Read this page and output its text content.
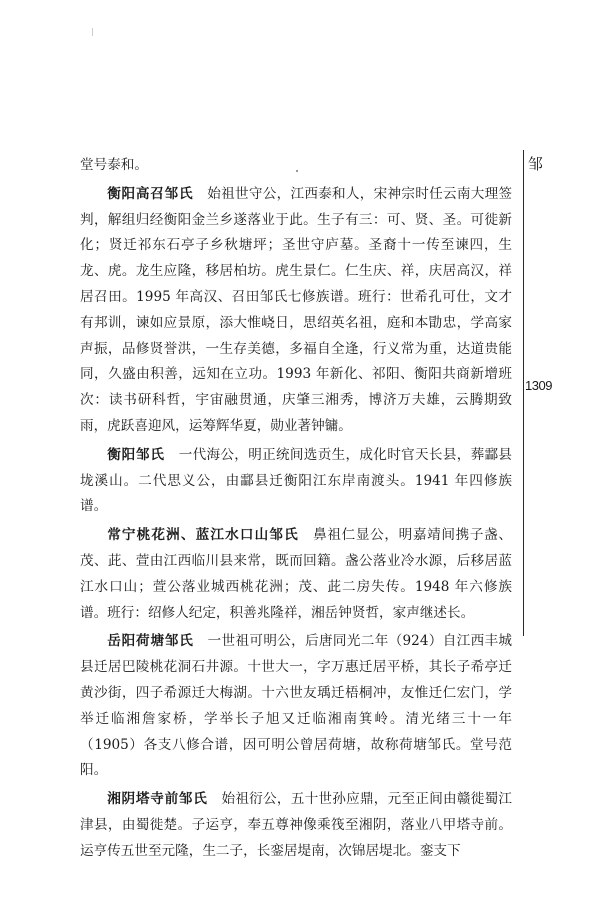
堂号泰和。

衡阳高召邹氏　 始祖世守公，江西泰和人，宋神宗时任云南大理签判，解组归经衡阳金兰乡遂落业于此。生子有三：可、贤、圣。可徙新化；贤迁祁东石亭子乡秋塘坪；圣世守庐墓。圣裔十一传至谏四，生龙、虎。龙生应隆，移居柏坊。虎生景仁。仁生庆、祥，庆居高汉，祥居召田。1995 年高汉、召田邹氏七修族谱。班行：世希孔可仕，文才有邦训，谏如应景原，添大惟峣日，思绍英名祖，庭和本勖忠，学高家声振，品修贤誉洪，一生存美德，多福自全逢，行义常为重，达道贵能同，久盛由积善，远知在立功。1993 年新化、祁阳、衡阳共商新增班次：读书研科哲，宇宙融贯通，庆肇三湘秀，博济万夫雄，云腾期致雨，虎跃喜迎风，运筹辉华夏，勋业著钟镛。

衡阳邹氏　 一代海公，明正统间选贡生，成化时官天长县，葬酃县垅溪山。二代思义公，由酃县迁衡阳江东岸南渡头。1941 年四修族谱。

常宁桃花洲、蓝江水口山邹氏　 鼻祖仁显公，明嘉靖间携子盏、茂、茈、萱由江西临川县来常，既而回籍。盏公落业冷水源，后移居蓝江水口山；萱公落业城西桃花洲；茂、茈二房失传。1948 年六修族谱。班行：绍修人纪定，积善兆隆祥，湘岳钟贤哲，家声继述长。

岳阳荷塘邹氏　 一世祖可明公，后唐同光二年（924）自江西丰城县迁居巴陵桃花洞石井源。十世大一，字万惠迁居平桥，其长子希亭迁黄沙街，四子希源迁大梅湖。十六世友瑀迁梧桐冲，友惟迁仁宏门，学举迁临湘詹家桥，学举长子旭又迁临湘南箕岭。清光绪三十一年（1905）各支八修合谱，因可明公曾居荷塘，故称荷塘邹氏。堂号范阳。

湘阴塔寺前邹氏　 始祖衍公，五十世孙应鼎，元至正间由赣徙蜀江津县，由蜀徙楚。子运亨，奉五尊神像乘筏至湘阴，落业八甲塔寺前。运亨传五世至元隆，生二子，长銮居堤南，次锦居堤北。銮支下

邹
1309
